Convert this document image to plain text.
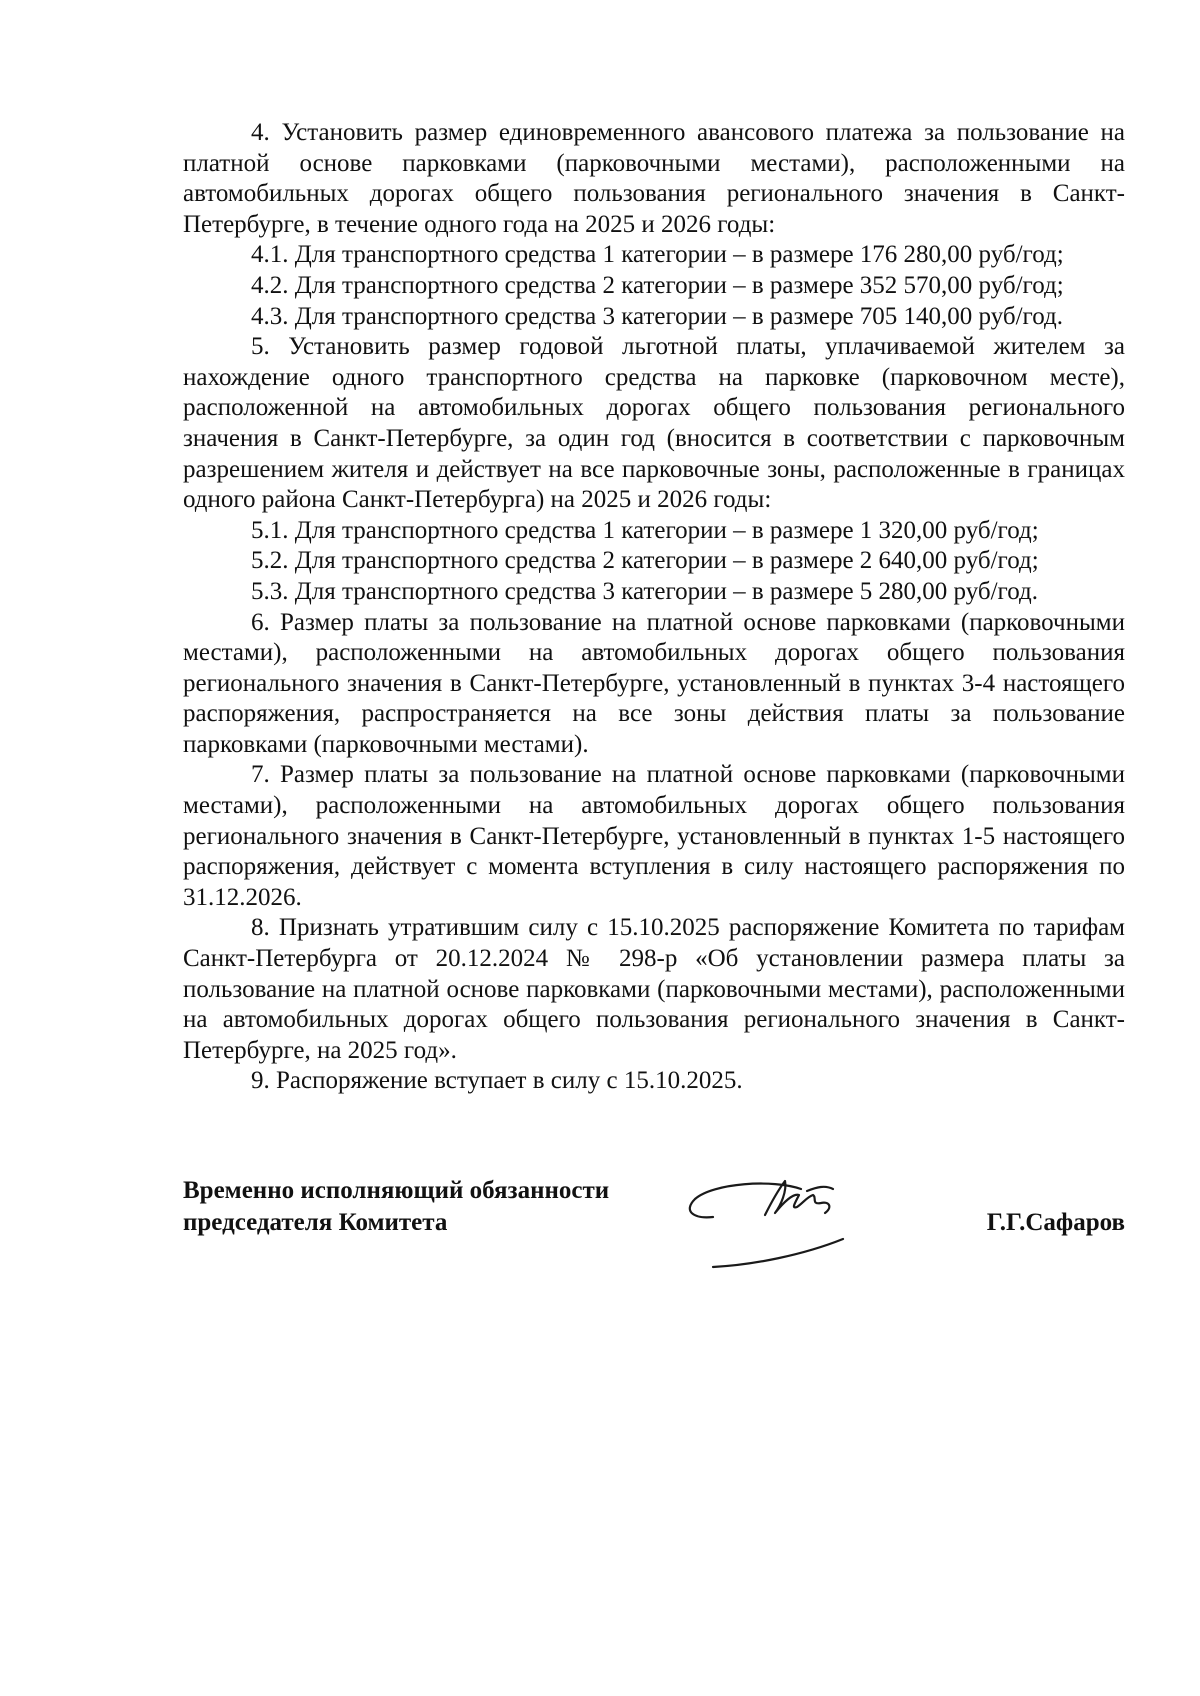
4. Установить размер единовременного авансового платежа за пользование на платной основе парковками (парковочными местами), расположенными на автомобильных дорогах общего пользования регионального значения в Санкт-Петербурге, в течение одного года на 2025 и 2026 годы:

4.1. Для транспортного средства 1 категории – в размере 176 280,00 руб/год;

4.2. Для транспортного средства 2 категории – в размере 352 570,00 руб/год;

4.3. Для транспортного средства 3 категории – в размере 705 140,00 руб/год.

5. Установить размер годовой льготной платы, уплачиваемой жителем за нахождение одного транспортного средства на парковке (парковочном месте), расположенной на автомобильных дорогах общего пользования регионального значения в Санкт-Петербурге, за один год (вносится в соответствии с парковочным разрешением жителя и действует на все парковочные зоны, расположенные в границах одного района Санкт-Петербурга) на 2025 и 2026 годы:

5.1. Для транспортного средства 1 категории – в размере 1 320,00 руб/год;

5.2. Для транспортного средства 2 категории – в размере 2 640,00 руб/год;

5.3. Для транспортного средства 3 категории – в размере 5 280,00 руб/год.

6. Размер платы за пользование на платной основе парковками (парковочными местами), расположенными на автомобильных дорогах общего пользования регионального значения в Санкт-Петербурге, установленный в пунктах 3-4 настоящего распоряжения, распространяется на все зоны действия платы за пользование парковками (парковочными местами).

7. Размер платы за пользование на платной основе парковками (парковочными местами), расположенными на автомобильных дорогах общего пользования регионального значения в Санкт-Петербурге, установленный в пунктах 1-5 настоящего распоряжения, действует с момента вступления в силу настоящего распоряжения по 31.12.2026.

8. Признать утратившим силу с 15.10.2025 распоряжение Комитета по тарифам Санкт-Петербурга от 20.12.2024 № 298-р «Об установлении размера платы за пользование на платной основе парковками (парковочными местами), расположенными на автомобильных дорогах общего пользования регионального значения в Санкт-Петербурге, на 2025 год».

9. Распоряжение вступает в силу с 15.10.2025.

Временно исполняющий обязанности
председателя Комитета	Г.Г.Сафаров
